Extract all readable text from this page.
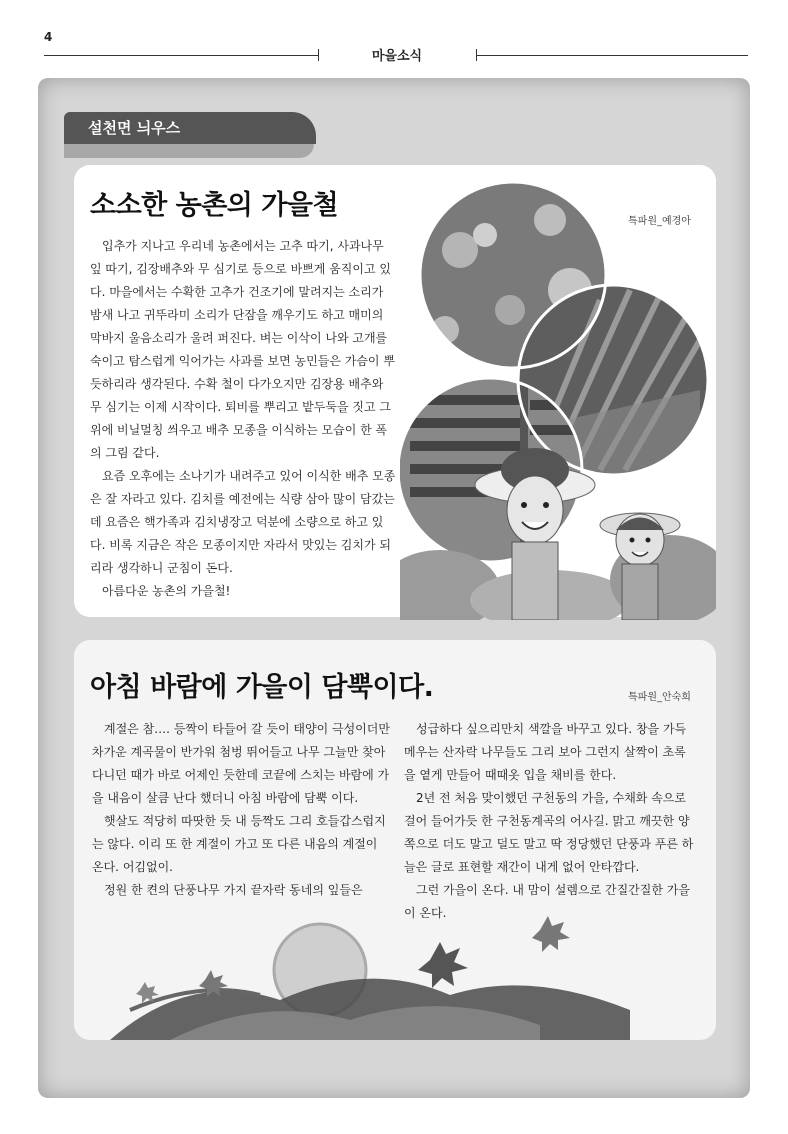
4
마을소식
설천면 늬우스
소소한 농촌의 가을철
특파원_예경아

입추가 지나고 우리네 농촌에서는 고추 따기, 사과나무 잎 따기, 김장배추와 무 심기로 등으로 바쁘게 움직이고 있다. 마을에서는 수확한 고추가 건조기에 말려지는 소리가 밤새 나고 귀뚜라미 소리가 단잠을 깨우기도 하고 매미의 막바지 울음소리가 울려 퍼진다. 벼는 이삭이 나와 고개를 숙이고 탐스럽게 익어가는 사과를 보면 농민들은 가슴이 뿌듯하리라 생각된다. 수확 철이 다가오지만 김장용 배추와 무 심기는 이제 시작이다. 퇴비를 뿌리고 밭두둑을 짓고 그 위에 비닐멀칭 씌우고 배추 모종을 이식하는 모습이 한 폭의 그림 같다.

요즘 오후에는 소나기가 내려주고 있어 이식한 배추 모종은 잘 자라고 있다. 김치를 예전에는 식량 삼아 많이 담갔는데 요즘은 핵가족과 김치냉장고 덕분에 소량으로 하고 있다. 비록 지금은 작은 모종이지만 자라서 맛있는 김치가 되리라 생각하니 군침이 돈다.

아름다운 농촌의 가을철!

아침 바람에 가을이 담뿍이다.	특파원_안숙희

계절은 참…. 등짝이 타들어 갈 듯이 태양이 극성이더만 차가운 계곡물이 반가워 첨벙 뛰어들고 나무 그늘만 찾아다니던 때가 바로 어제인 듯한데 코끝에 스치는 바람에 가을 내음이 살큼 난다 했더니 아침 바람에 담뿍 이다.

햇살도 적당히 따땃한 듯 내 등짝도 그리 호들갑스럽지는 않다. 이리 또 한 계절이 가고 또 다른 내음의 계절이 온다. 어김없이.

정원 한 켠의 단풍나무 가지 끝자락 동네의 잎들은

성급하다 싶으리만치 색깔을 바꾸고 있다. 창을 가득 메우는 산자락 나무들도 그리 보아 그런지 살짝이 초록을 옅게 만들어 때때옷 입을 채비를 한다.

2년 전 처음 맞이했던 구천동의 가을, 수채화 속으로 걸어 들어가듯 한 구천동계곡의 어사길. 맑고 깨끗한 양쪽으로 더도 말고 덜도 말고 딱 정당했던 단풍과 푸른 하늘은 글로 표현할 재간이 내게 없어 안타깝다.

그런 가을이 온다. 내 맘이 설렘으로 간질간질한 가을이 온다.
